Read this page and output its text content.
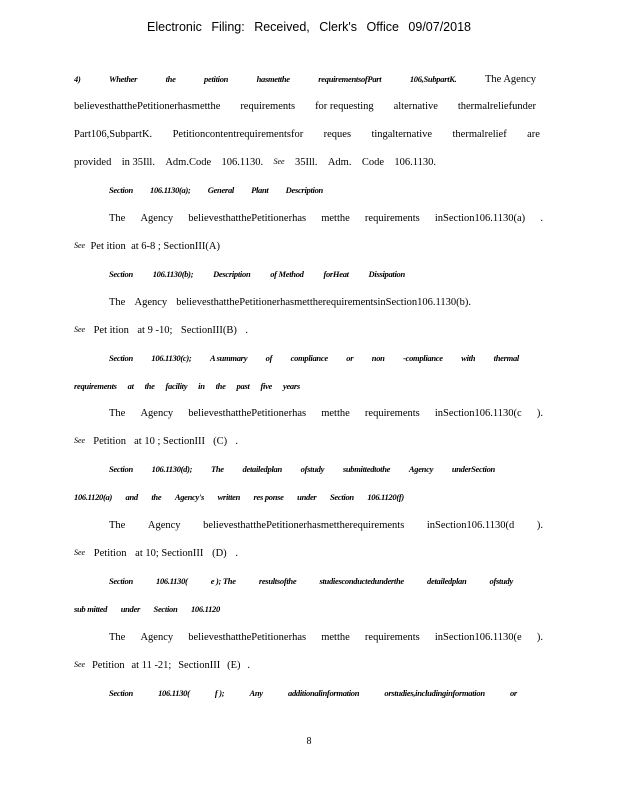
Electronic Filing: Received, Clerk's Office 09/07/2018
4)	Whether	the	petition	hasmetthe	requirementsofPart	106,SubpartK.	The Agency
believesthatthePetitionerhasmetthe requirements for requesting alternative thermalreliefunder
Part106,SubpartK. Petitioncontentrequirementsfor reques tingalternative thermalrelief are
provided in 35Ill. Adm.Code 106.1130. See 35Ill. Adm. Code 106.1130.
Section 106.1130(a); General Plant Description
The Agency believesthatthePetitionerhas metthe requirements inSection106.1130(a) .
See Pet ition at 6-8 ; SectionIII(A)
Section 106.1130(b); Description of Method forHeat Dissipation
The Agency believesthatthePetitionerhasmettherequirementsinSection106.1130(b).
See Pet ition at 9 -10; SectionIII(B) .
Section 106.1130(c); A summary of compliance or non -compliance with thermal
requirements at the facility in the past five years
The Agency believesthatthePetitionerhas metthe requirements inSection106.1130(c ).
See Petition at 10 ; SectionIII (C) .
Section 106.1130(d); The detailedplan ofstudy submittedtothe Agency underSection
106.1120(a) and the Agency's written res ponse under Section 106.1120(f)
The Agency believesthatthePetitionerhasmettherequirements inSection106.1130(d ).
See Petition at 10; SectionIII (D) .
Section	106.1130(	e ); The	resultsofthe	studiesconductedunderthe	detailedplan	ofstudy
sub mitted under Section 106.1120
The Agency believesthatthePetitionerhas metthe requirements inSection106.1130(e ).
See Petition at 11 -21; SectionIII (E) .
Section	106.1130(	f );	Any	additionalinformation	orstudies,includinginformation	or
8
